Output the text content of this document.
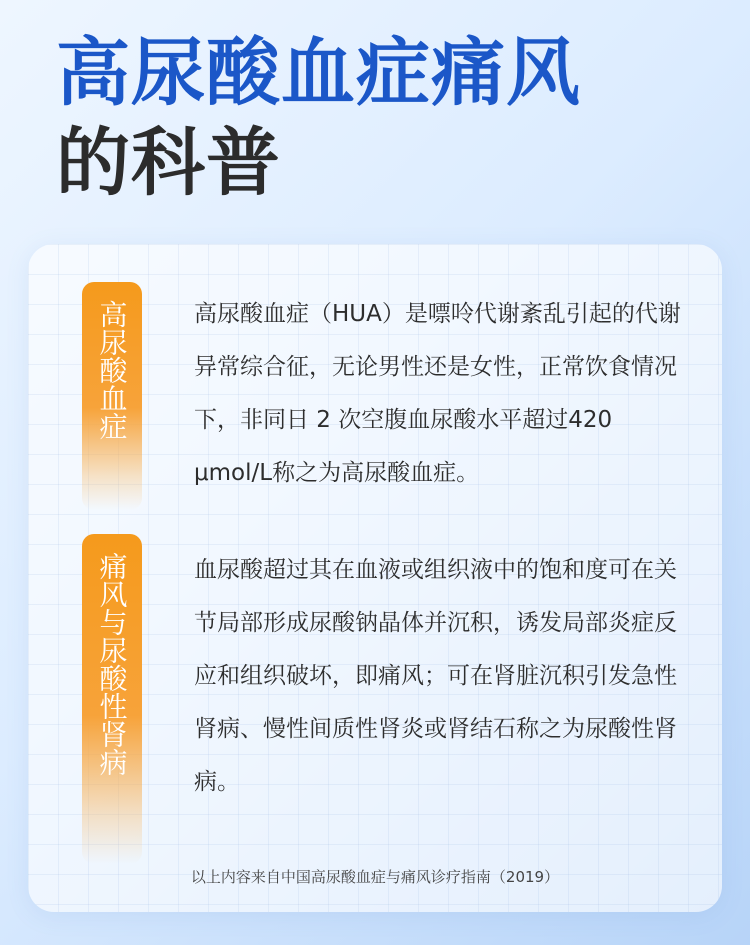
高尿酸血症痛风
的科普
高尿酸血症	高尿酸血症（HUA）是嘌呤代谢紊乱引起的代谢异常综合征，无论男性还是女性，正常饮食情况下，非同日 2 次空腹血尿酸水平超过420 μmol/L称之为高尿酸血症。

痛风与尿酸性肾病	血尿酸超过其在血液或组织液中的饱和度可在关节局部形成尿酸钠晶体并沉积，诱发局部炎症反应和组织破坏，即痛风；可在肾脏沉积引发急性肾病、慢性间质性肾炎或肾结石称之为尿酸性肾病。

以上内容来自中国高尿酸血症与痛风诊疗指南（2019）
